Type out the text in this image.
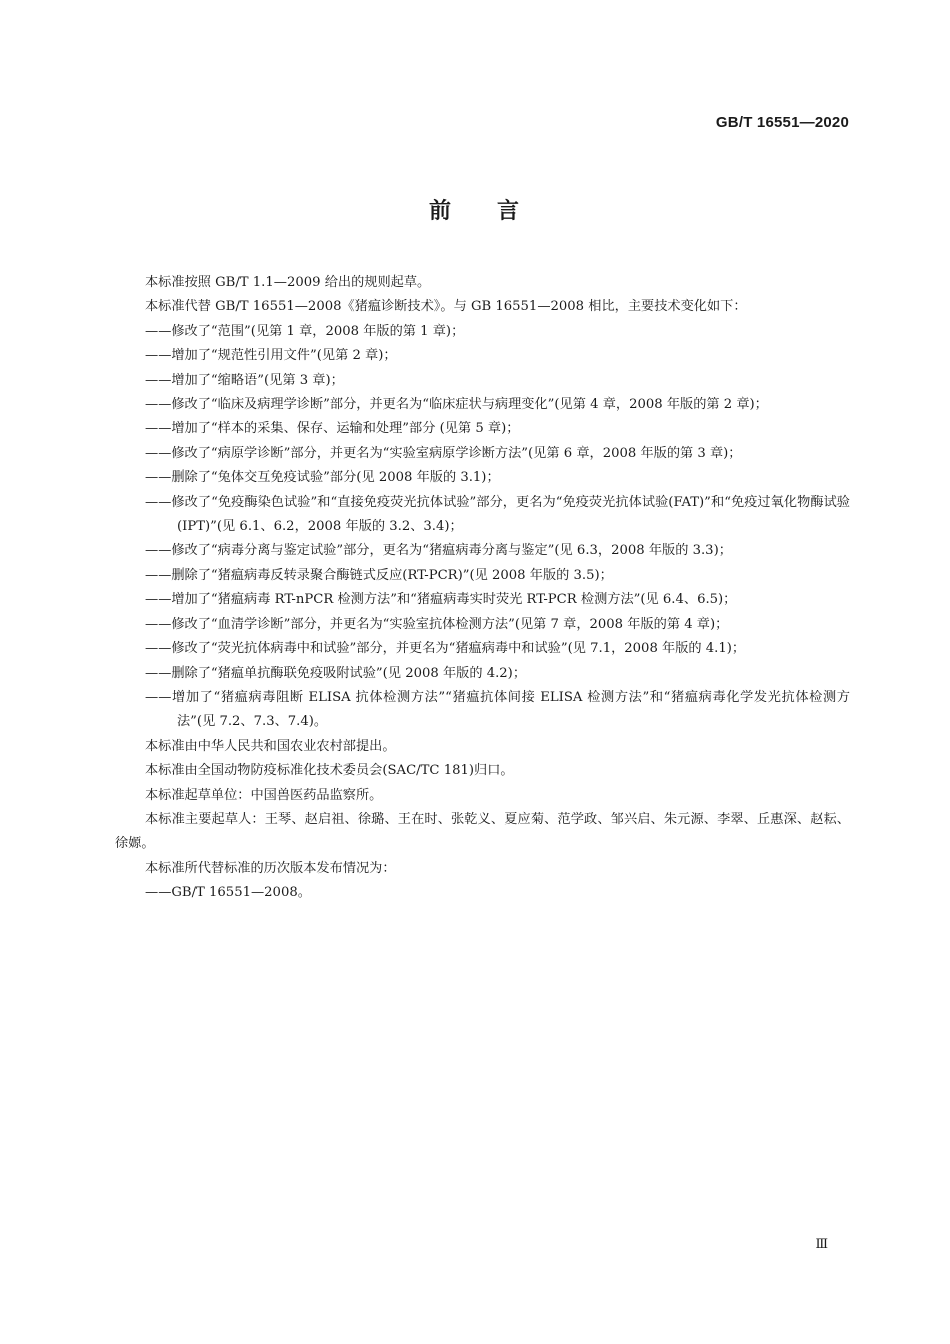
GB/T 16551—2020
前 言

本标准按照 GB/T 1.1—2009 给出的规则起草。

本标准代替 GB/T 16551—2008《猪瘟诊断技术》。与 GB 16551—2008 相比，主要技术变化如下：

——修改了“范围”(见第 1 章，2008 年版的第 1 章)；

——增加了“规范性引用文件”(见第 2 章)；

——增加了“缩略语”(见第 3 章)；

——修改了“临床及病理学诊断”部分，并更名为“临床症状与病理变化”(见第 4 章，2008 年版的第 2 章)；

——增加了“样本的采集、保存、运输和处理”部分 (见第 5 章)；

——修改了“病原学诊断”部分，并更名为“实验室病原学诊断方法”(见第 6 章，2008 年版的第 3 章)；

——删除了“兔体交互免疫试验”部分(见 2008 年版的 3.1)；

——修改了“免疫酶染色试验”和“直接免疫荧光抗体试验”部分，更名为“免疫荧光抗体试验(FAT)”和“免疫过氧化物酶试验(IPT)”(见 6.1、6.2，2008 年版的 3.2、3.4)；

——修改了“病毒分离与鉴定试验”部分，更名为“猪瘟病毒分离与鉴定”(见 6.3，2008 年版的 3.3)；

——删除了“猪瘟病毒反转录聚合酶链式反应(RT-PCR)”(见 2008 年版的 3.5)；

——增加了“猪瘟病毒 RT-nPCR 检测方法”和“猪瘟病毒实时荧光 RT-PCR 检测方法”(见 6.4、6.5)；

——修改了“血清学诊断”部分，并更名为“实验室抗体检测方法”(见第 7 章，2008 年版的第 4 章)；

——修改了“荧光抗体病毒中和试验”部分，并更名为“猪瘟病毒中和试验”(见 7.1，2008 年版的 4.1)；

——删除了“猪瘟单抗酶联免疫吸附试验”(见 2008 年版的 4.2)；

——增加了“猪瘟病毒阻断 ELISA 抗体检测方法”“猪瘟抗体间接 ELISA 检测方法”和“猪瘟病毒化学发光抗体检测方法”(见 7.2、7.3、7.4)。

本标准由中华人民共和国农业农村部提出。

本标准由全国动物防疫标准化技术委员会(SAC/TC 181)归口。

本标准起草单位：中国兽医药品监察所。

本标准主要起草人：王琴、赵启祖、徐璐、王在时、张乾义、夏应菊、范学政、邹兴启、朱元源、李翠、丘惠深、赵耘、徐嫄。

本标准所代替标准的历次版本发布情况为：

——GB/T 16551—2008。

Ⅲ
